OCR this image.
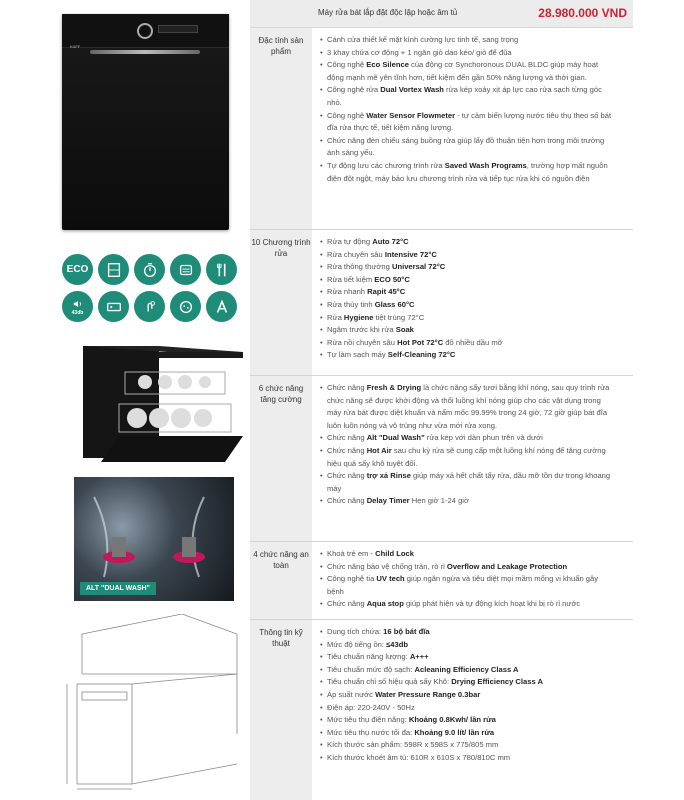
KAFF
ECO
43db
ALT "DUAL WASH"
Máy rửa bát lắp đặt độc lập hoặc âm tủ	28.980.000 VND
Đặc tính sản phẩm
• Cánh cửa thiết kế mặt kính cường lực tinh tế, sang trọng
• 3 khay chứa cơ động + 1 ngăn giỏ dao kéo/ giỏ để đũa
• Công nghệ Eco Silence của động cơ Synchoronous DUAL BLDC giúp máy hoạt động mạnh mẽ yên tĩnh hơn, tiết kiệm đến gần 50% năng lượng và thời gian.
• Công nghệ rửa Dual Vortex Wash rửa kép xoáy xịt áp lực cao rửa sạch từng góc nhỏ.
• Công nghệ Water Sensor Flowmeter - tự cảm biến lượng nước tiêu thụ theo số bát đĩa rửa thực tế, tiết kiệm năng lượng.
• Chức năng đèn chiếu sáng buồng rửa giúp lấy đồ thuận tiện hơn trong môi trường ánh sáng yếu.
• Tự động lưu các chương trình rửa Saved Wash Programs, trường hợp mất nguồn điện đột ngột, máy bảo lưu chương trình rửa và tiếp tục rửa khi có nguồn điện
10 Chương trình rửa
• Rửa tự động Auto 72°C
• Rửa chuyên sâu Intensive 72°C
• Rửa thông thường Universal 72°C
• Rửa tiết kiệm ECO 50°C
• Rửa nhanh Rapit 45°C
• Rửa thủy tinh Glass 60°C
• Rửa Hygiene tiệt trùng 72°C
• Ngâm trước khi rửa Soak
• Rửa nồi chuyên sâu Hot Pot 72°C đồ nhiều dầu mỡ
• Tự làm sạch máy Self-Cleaning 72°C
6 chức năng tăng cường
• Chức năng Fresh & Drying là chức năng sấy tươi bằng khí nóng, sau quy trình rửa chức năng sẽ được khởi động và thổi luồng khí nóng giúp cho các vật dụng trong máy rửa bát được diệt khuẩn và nấm mốc 99.99% trong 24 giờ, 72 giờ giúp bát đĩa luôn luôn nóng và vô trùng như vừa mới rửa xong.
• Chức năng Alt "Dual Wash" rửa kép với dàn phun trên và dưới
• Chức năng Hot Air sau chu kỳ rửa sẽ cung cấp một luồng khí nóng để tăng cường hiệu quả sấy khô tuyệt đối.
• Chức năng trợ xả Rinse giúp máy xả hết chất tẩy rửa, dầu mỡ tồn dư trong khoang máy
• Chức năng Delay Timer Hẹn giờ 1-24 giờ
4 chức năng an toàn
• Khoá trẻ em - Child Lock
• Chức năng bảo vệ chống tràn, rò rỉ Overflow and Leakage Protection
• Công nghệ tia UV tech giúp ngăn ngừa và tiêu diệt mọi mầm mống vi khuẩn gây bệnh
• Chức năng Aqua stop giúp phát hiện và tự động kích hoạt khi bị rò rỉ nước
Thông tin kỹ thuật
• Dung tích chứa: 16 bộ bát đĩa
• Mức độ tiếng ồn: ≤43db
• Tiêu chuẩn năng lượng: A+++
• Tiêu chuẩn mức độ sạch: Acleaning Efficiency Class A
• Tiêu chuẩn chỉ số hiệu quả sấy Khô: Drying Efficiency Class A
• Áp suất nước Water Pressure Range 0.3bar
• Điện áp: 220-240V - 50Hz
• Mức tiêu thụ điện năng: Khoảng 0.8Kwh/ lần rửa
• Mức tiêu thụ nước tối đa: Khoảng 9.0 lít/ lần rửa
• Kích thước sản phẩm: 598R x 598S x 775/805 mm
• Kích thước khoét âm tủ: 610R x 610S x 780/810C mm
